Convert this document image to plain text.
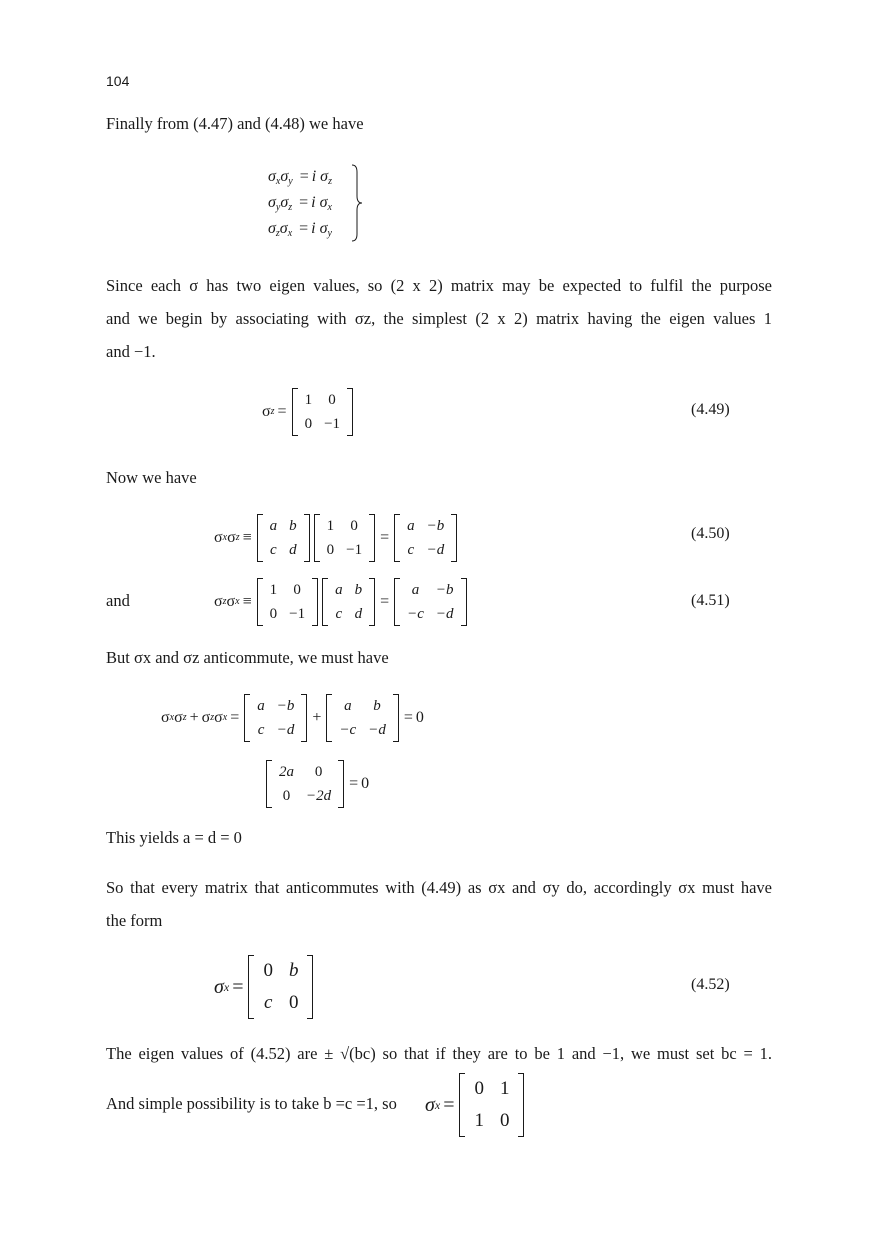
104
Finally from (4.47) and (4.48) we have
$\sigma_x\sigma_y = i$ $\sigma_z$
$\sigma_y\sigma_z = i$ $\sigma_x$
$\sigma_z\sigma_x = i$ $\sigma_y$
Since each σ has two eigen values, so (2 x 2) matrix may be expected to fulfil the purpose
and we begin by associating with σz, the simplest (2 x 2) matrix having the eigen values 1
and −1.
σ z =
1	0
0	−1
(4.49)
Now we have
σ x σ z ≡
a	b
c	d
1	0
0	−1
=
a	−b
c	−d
(4.50)
and	σ z σ x ≡
1	0
0	−1
a	b
c	d
=
a	−b
−c	−d
(4.51)
But σx and σz anticommute, we must have
σ x σ z + σ z σ x =
a	−b
c	−d
+
a	b
−c	−d
= 0
2a	0
0	−2d
= 0
This yields a = d = 0
So that every matrix that anticommutes with (4.49) as σx and σy do, accordingly σx must have
the form
σ x =
0	b
c	0
(4.52)
The eigen values of (4.52) are ± √(bc) so that if they are to be 1 and −1, we must set bc = 1.
And simple possibility is to take b =c =1, so σ x =
0	1
1	0
